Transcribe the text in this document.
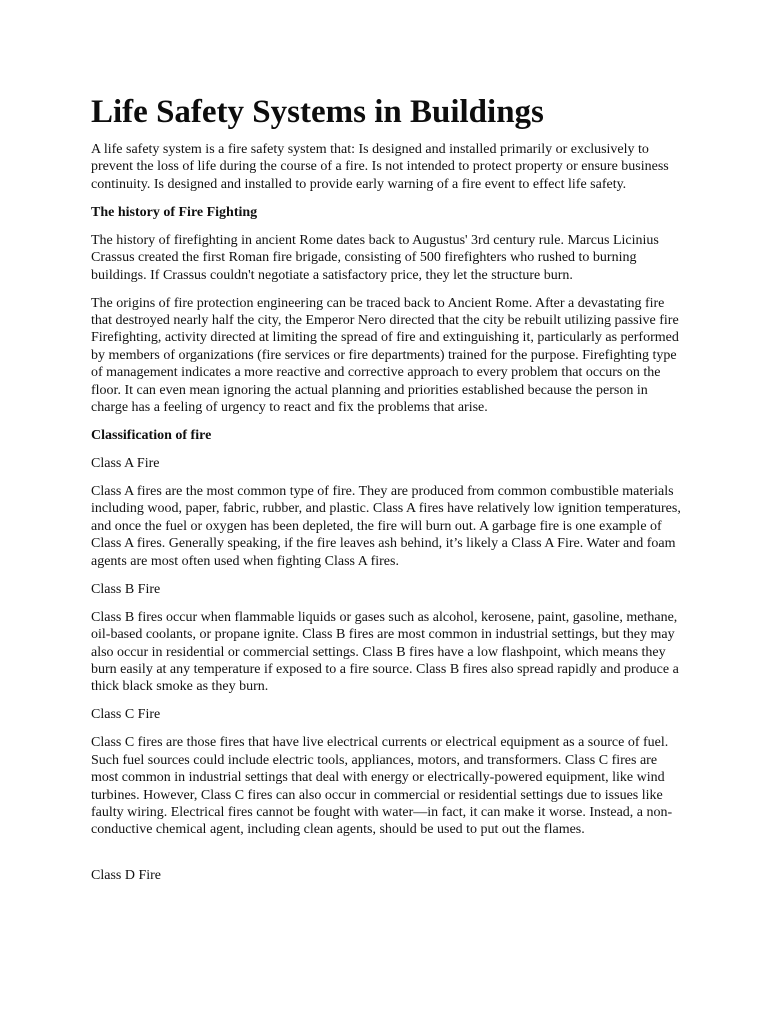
Life Safety Systems in Buildings

A life safety system is a fire safety system that: Is designed and installed primarily or exclusively to prevent the loss of life during the course of a fire. Is not intended to protect property or ensure business continuity. Is designed and installed to provide early warning of a fire event to effect life safety.

The history of Fire Fighting

The history of firefighting in ancient Rome dates back to Augustus' 3rd century rule. Marcus Licinius Crassus created the first Roman fire brigade, consisting of 500 firefighters who rushed to burning buildings. If Crassus couldn't negotiate a satisfactory price, they let the structure burn.

The origins of fire protection engineering can be traced back to Ancient Rome. After a devastating fire that destroyed nearly half the city, the Emperor Nero directed that the city be rebuilt utilizing passive fire Firefighting, activity directed at limiting the spread of fire and extinguishing it, particularly as performed by members of organizations (fire services or fire departments) trained for the purpose. Firefighting type of management indicates a more reactive and corrective approach to every problem that occurs on the floor. It can even mean ignoring the actual planning and priorities established because the person in charge has a feeling of urgency to react and fix the problems that arise.

Classification of fire

Class A Fire

Class A fires are the most common type of fire. They are produced from common combustible materials including wood, paper, fabric, rubber, and plastic. Class A fires have relatively low ignition temperatures, and once the fuel or oxygen has been depleted, the fire will burn out. A garbage fire is one example of Class A fires. Generally speaking, if the fire leaves ash behind, it’s likely a Class A Fire. Water and foam agents are most often used when fighting Class A fires.

Class B Fire

Class B fires occur when flammable liquids or gases such as alcohol, kerosene, paint, gasoline, methane, oil-based coolants, or propane ignite. Class B fires are most common in industrial settings, but they may also occur in residential or commercial settings. Class B fires have a low flashpoint, which means they burn easily at any temperature if exposed to a fire source. Class B fires also spread rapidly and produce a thick black smoke as they burn.

Class C Fire

Class C fires are those fires that have live electrical currents or electrical equipment as a source of fuel. Such fuel sources could include electric tools, appliances, motors, and transformers. Class C fires are most common in industrial settings that deal with energy or electrically-powered equipment, like wind turbines. However, Class C fires can also occur in commercial or residential settings due to issues like faulty wiring. Electrical fires cannot be fought with water—in fact, it can make it worse. Instead, a non-conductive chemical agent, including clean agents, should be used to put out the flames.

Class D Fire
